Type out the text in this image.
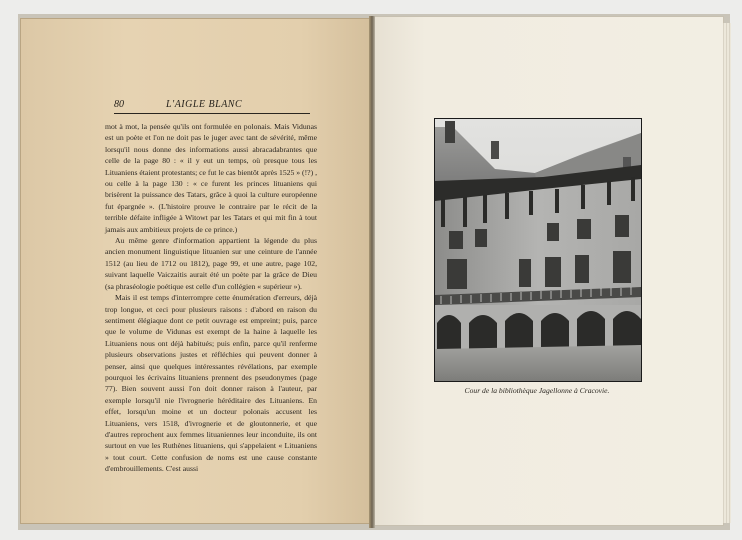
80	L'AIGLE BLANC

mot à mot, la pensée qu'ils ont formulée en polonais. Mais Vidunas est un poète et l'on ne doit pas le juger avec tant de sévérité, même lorsqu'il nous donne des informations aussi abracadabrantes que celle de la page 80 : « il y eut un temps, où presque tous les Lituaniens étaient protestants; ce fut le cas bientôt après 1525 » (!?) , ou celle à la page 130 : « ce furent les princes lituaniens qui brisèrent la puissance des Tatars, grâce à quoi la culture européenne fut épargnée ». (L'histoire prouve le contraire par le récit de la terrible défaite infligée à Witowt par les Tatars et qui mit fin à tout jamais aux ambitieux projets de ce prince.)

Au même genre d'information appartient la légende du plus ancien monument linguistique lituanien sur une ceinture de l'année 1512 (au lieu de 1712 ou 1812), page 99, et une autre, page 102, suivant laquelle Vaiczaitis aurait été un poète par la grâce de Dieu (sa phraséologie poétique est celle d'un collégien « supérieur »).

Mais il est temps d'interrompre cette énumération d'erreurs, déjà trop longue, et ceci pour plusieurs raisons : d'abord en raison du sentiment élégiaque dont ce petit ouvrage est empreint; puis, parce que le volume de Vidunas est exempt de la haine à laquelle les Lituaniens nous ont déjà habitués; puis enfin, parce qu'il renferme plusieurs observations justes et réfléchies qui peuvent donner à penser, ainsi que quelques intéressantes révélations, par exemple pourquoi les écrivains lituaniens prennent des pseudonymes (page 77). Bien souvent aussi l'on doit donner raison à l'auteur, par exemple lorsqu'il nie l'ivrognerie héréditaire des Lituaniens. En effet, lorsqu'un moine et un docteur polonais accusent les Lituaniens, vers 1518, d'ivrognerie et de gloutonnerie, et que d'autres reprochent aux femmes lituaniennes leur inconduite, ils ont surtout en vue les Ruthènes lituaniens, qui s'appelaient « Lituaniens » tout court. Cette confusion de noms est une cause constante d'embrouillements. C'est aussi

Cour de la bibliothèque Jagellonne à Cracovie.
